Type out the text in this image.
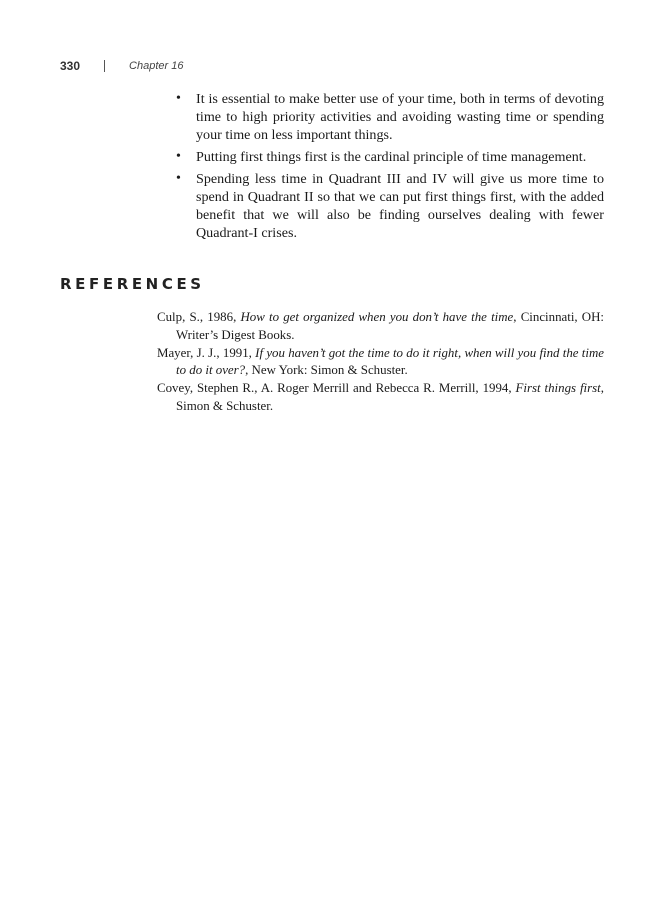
330	Chapter 16
• It is essential to make better use of your time, both in terms of devoting time to high priority activities and avoiding wasting time or spending your time on less important things.
• Putting first things first is the cardinal principle of time management.
• Spending less time in Quadrant III and IV will give us more time to spend in Quadrant II so that we can put first things first, with the added benefit that we will also be finding ourselves dealing with fewer Quadrant-I crises.
REFERENCES
Culp, S., 1986, How to get organized when you don’t have the time, Cincinnati, OH: Writer’s Digest Books.
Mayer, J. J., 1991, If you haven’t got the time to do it right, when will you find the time to do it over?, New York: Simon & Schuster.
Covey, Stephen R., A. Roger Merrill and Rebecca R. Merrill, 1994, First things first, Simon & Schuster.
